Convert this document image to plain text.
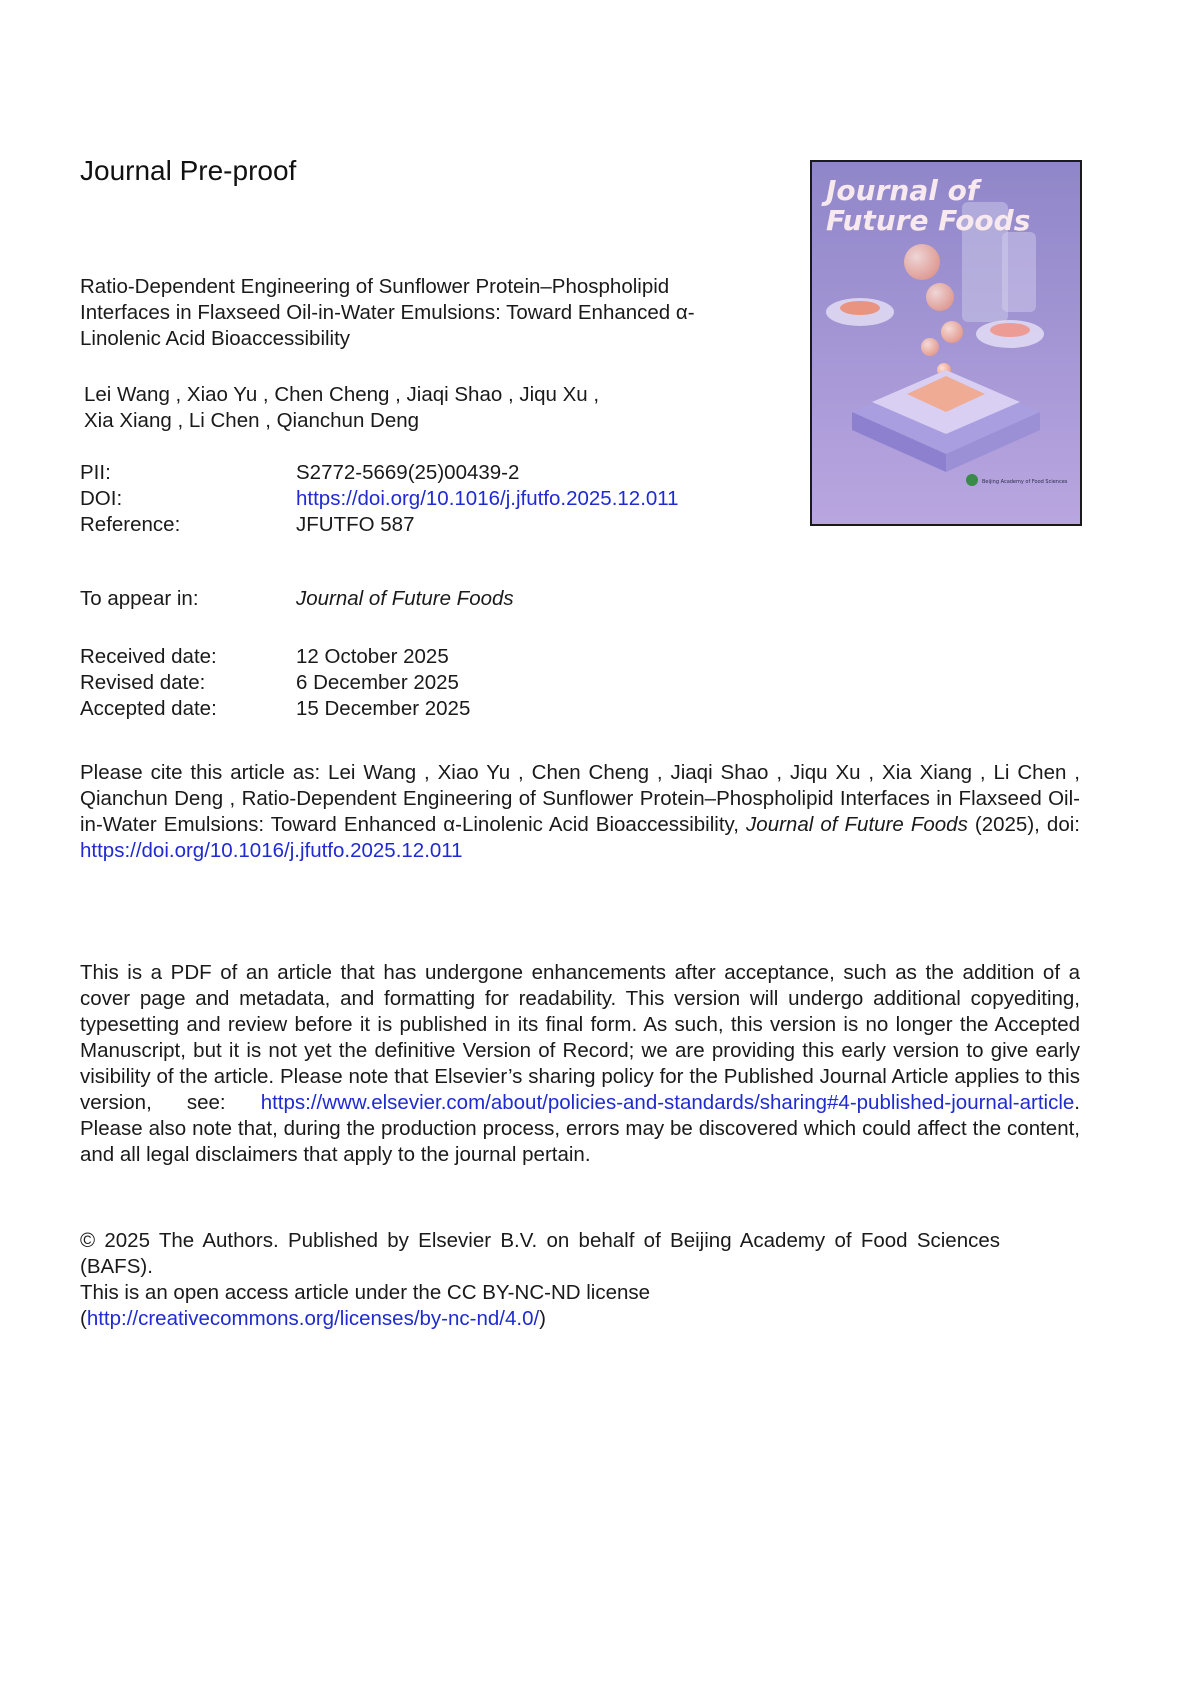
Journal Pre-proof
Ratio-Dependent Engineering of Sunflower Protein–Phospholipid Interfaces in Flaxseed Oil-in-Water Emulsions: Toward Enhanced α-Linolenic Acid Bioaccessibility
Lei Wang , Xiao Yu , Chen Cheng , Jiaqi Shao , Jiqu Xu ,
Xia Xiang , Li Chen , Qianchun Deng
PII:	S2772-5669(25)00439-2
DOI:	https://doi.org/10.1016/j.jfutfo.2025.12.011
Reference:	JFUTFO 587
To appear in:	Journal of Future Foods
Received date:	12 October 2025
Revised date:	6 December 2025
Accepted date:	15 December 2025
Please cite this article as: Lei Wang , Xiao Yu , Chen Cheng , Jiaqi Shao , Jiqu Xu , Xia Xiang , Li Chen , Qianchun Deng , Ratio-Dependent Engineering of Sunflower Protein–Phospholipid Interfaces in Flaxseed Oil-in-Water Emulsions: Toward Enhanced α-Linolenic Acid Bioaccessibility, Journal of Future Foods (2025), doi: https://doi.org/10.1016/j.jfutfo.2025.12.011
This is a PDF of an article that has undergone enhancements after acceptance, such as the addition of a cover page and metadata, and formatting for readability. This version will undergo additional copyediting, typesetting and review before it is published in its final form. As such, this version is no longer the Accepted Manuscript, but it is not yet the definitive Version of Record; we are providing this early version to give early visibility of the article. Please note that Elsevier’s sharing policy for the Published Journal Article applies to this version, see: https://www.elsevier.com/about/policies-and-standards/sharing#4-published-journal-article. Please also note that, during the production process, errors may be discovered which could affect the content, and all legal disclaimers that apply to the journal pertain.
© 2025 The Authors. Published by Elsevier B.V. on behalf of Beijing Academy of Food Sciences (BAFS).
This is an open access article under the CC BY-NC-ND license
(http://creativecommons.org/licenses/by-nc-nd/4.0/)
Journal of
Future Foods
Beijing Academy of Food Sciences
